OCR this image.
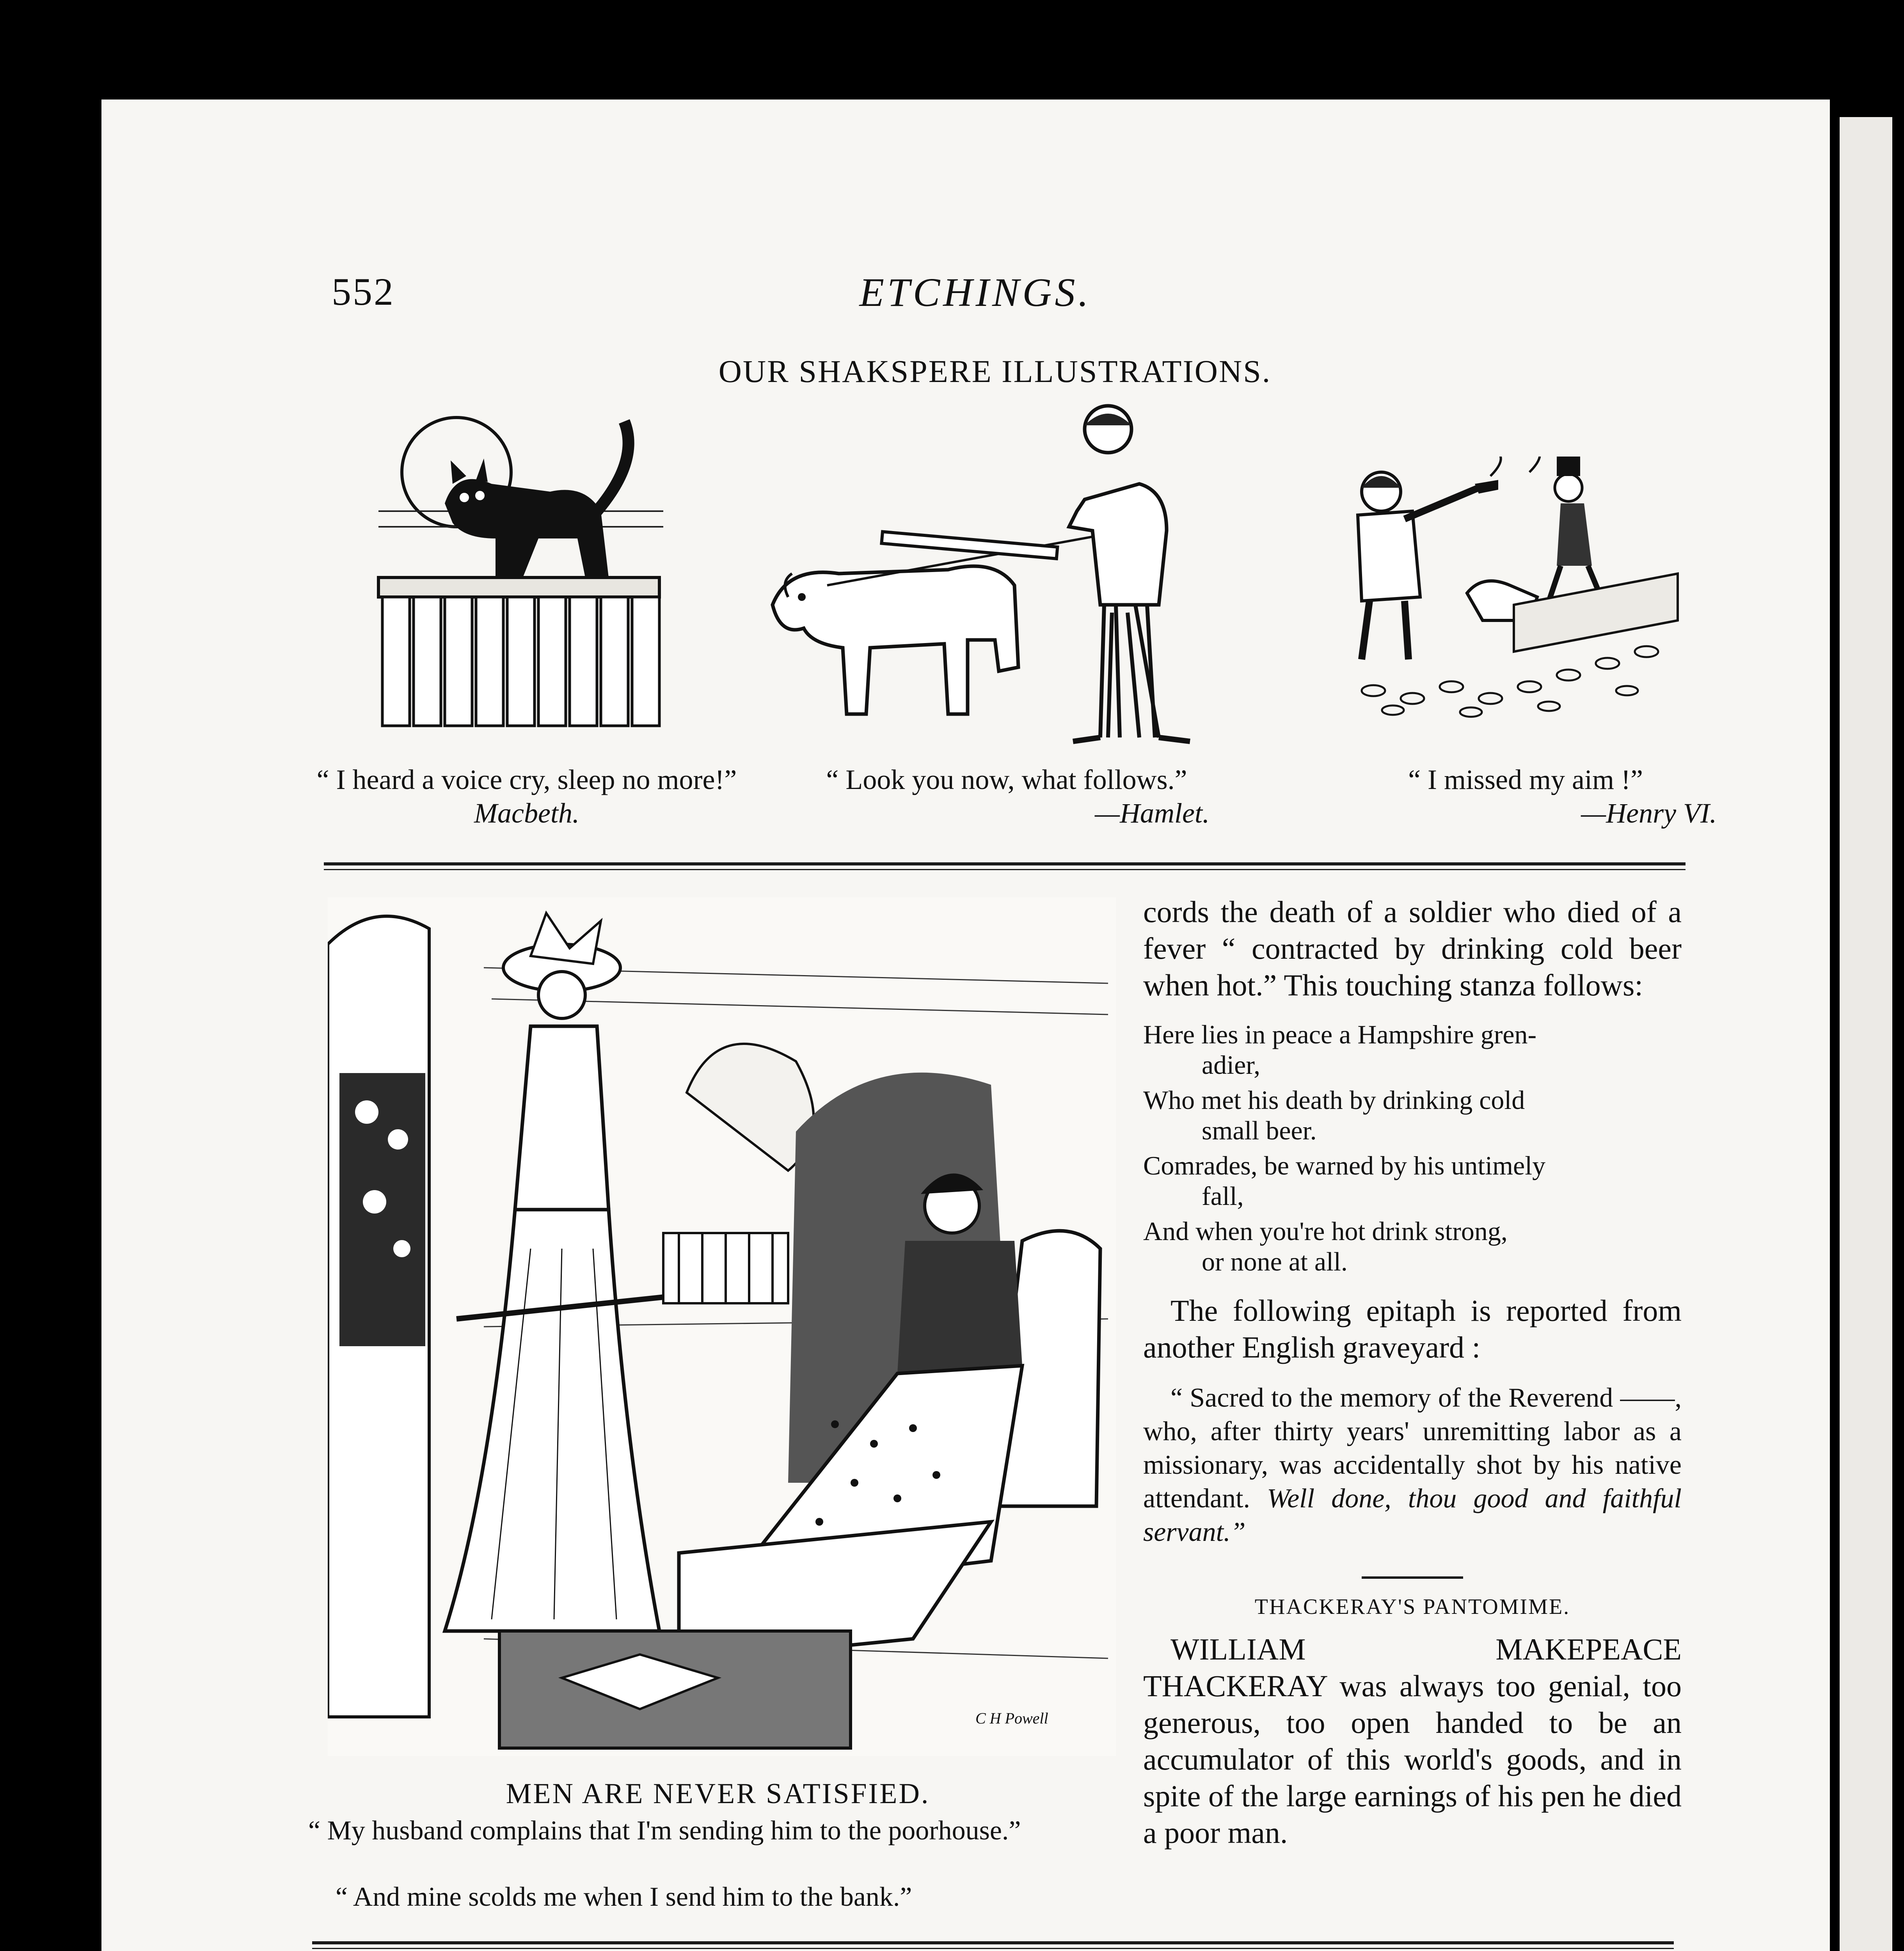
552	ETCHINGS.
OUR SHAKSPERE ILLUSTRATIONS.
“ I heard a voice cry, sleep no more!” Macbeth.
“ Look you now, what follows.”
—Hamlet.
“ I missed my aim !”
—Henry VI.
C H Powell
MEN ARE NEVER SATISFIED.
“ My husband complains that I'm sending him to the poorhouse.”
“ And mine scolds me when I send him to the bank.”
cords the death of a soldier who died of a fever “ contracted by drinking cold beer when hot.” This touching stanza follows:
Here lies in peace a Hampshire gren-
adier,
Who met his death by drinking cold
small beer.
Comrades, be warned by his untimely
fall,
And when you're hot drink strong,
or none at all.
The following epitaph is reported from another English graveyard :
“ Sacred to the memory of the Reverend ——, who, after thirty years' unremitting labor as a missionary, was accidentally shot by his native attendant. Well done, thou good and faithful servant.”
THACKERAY'S PANTOMIME.
WILLIAM MAKEPEACE THACKERAY was always too genial, too generous, too open handed to be an accumulator of this world's goods, and in spite of the large earnings of his pen he died a poor man.
